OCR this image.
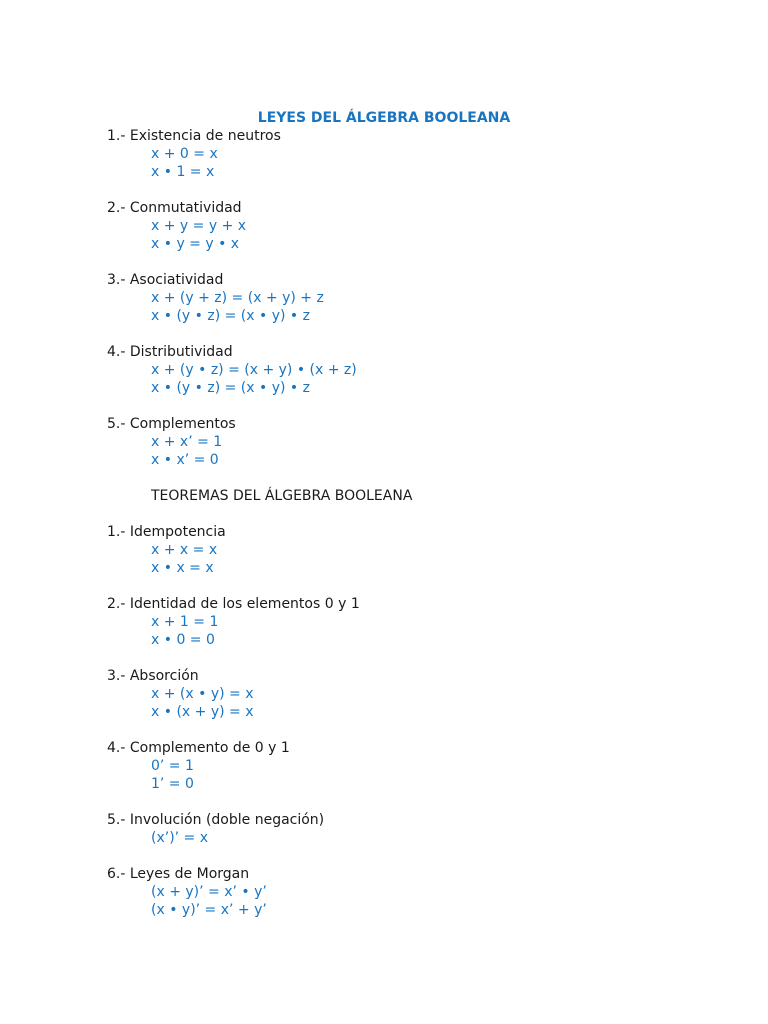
LEYES DEL ÁLGEBRA BOOLEANA
1.- Existencia de neutros
x + 0 = x
x • 1 = x
2.- Conmutatividad
x + y = y + x
x • y = y • x
3.- Asociatividad
x + (y + z) = (x + y) + z
x • (y • z) = (x • y) • z
4.- Distributividad
x + (y • z) = (x + y) • (x + z)
x • (y • z) = (x • y) • z
5.- Complementos
x + x’ = 1
x • x’ = 0
TEOREMAS DEL ÁLGEBRA BOOLEANA
1.- Idempotencia
x + x = x
x • x = x
2.- Identidad de los elementos 0 y 1
x + 1 = 1
x • 0 = 0
3.- Absorción
x + (x • y) = x
x • (x + y) = x
4.- Complemento de 0 y 1
0’ = 1
1’ = 0
5.- Involución (doble negación)
(x’)’ = x
6.- Leyes de Morgan
(x + y)’ = x’ • y’
(x • y)’ = x’ + y’
